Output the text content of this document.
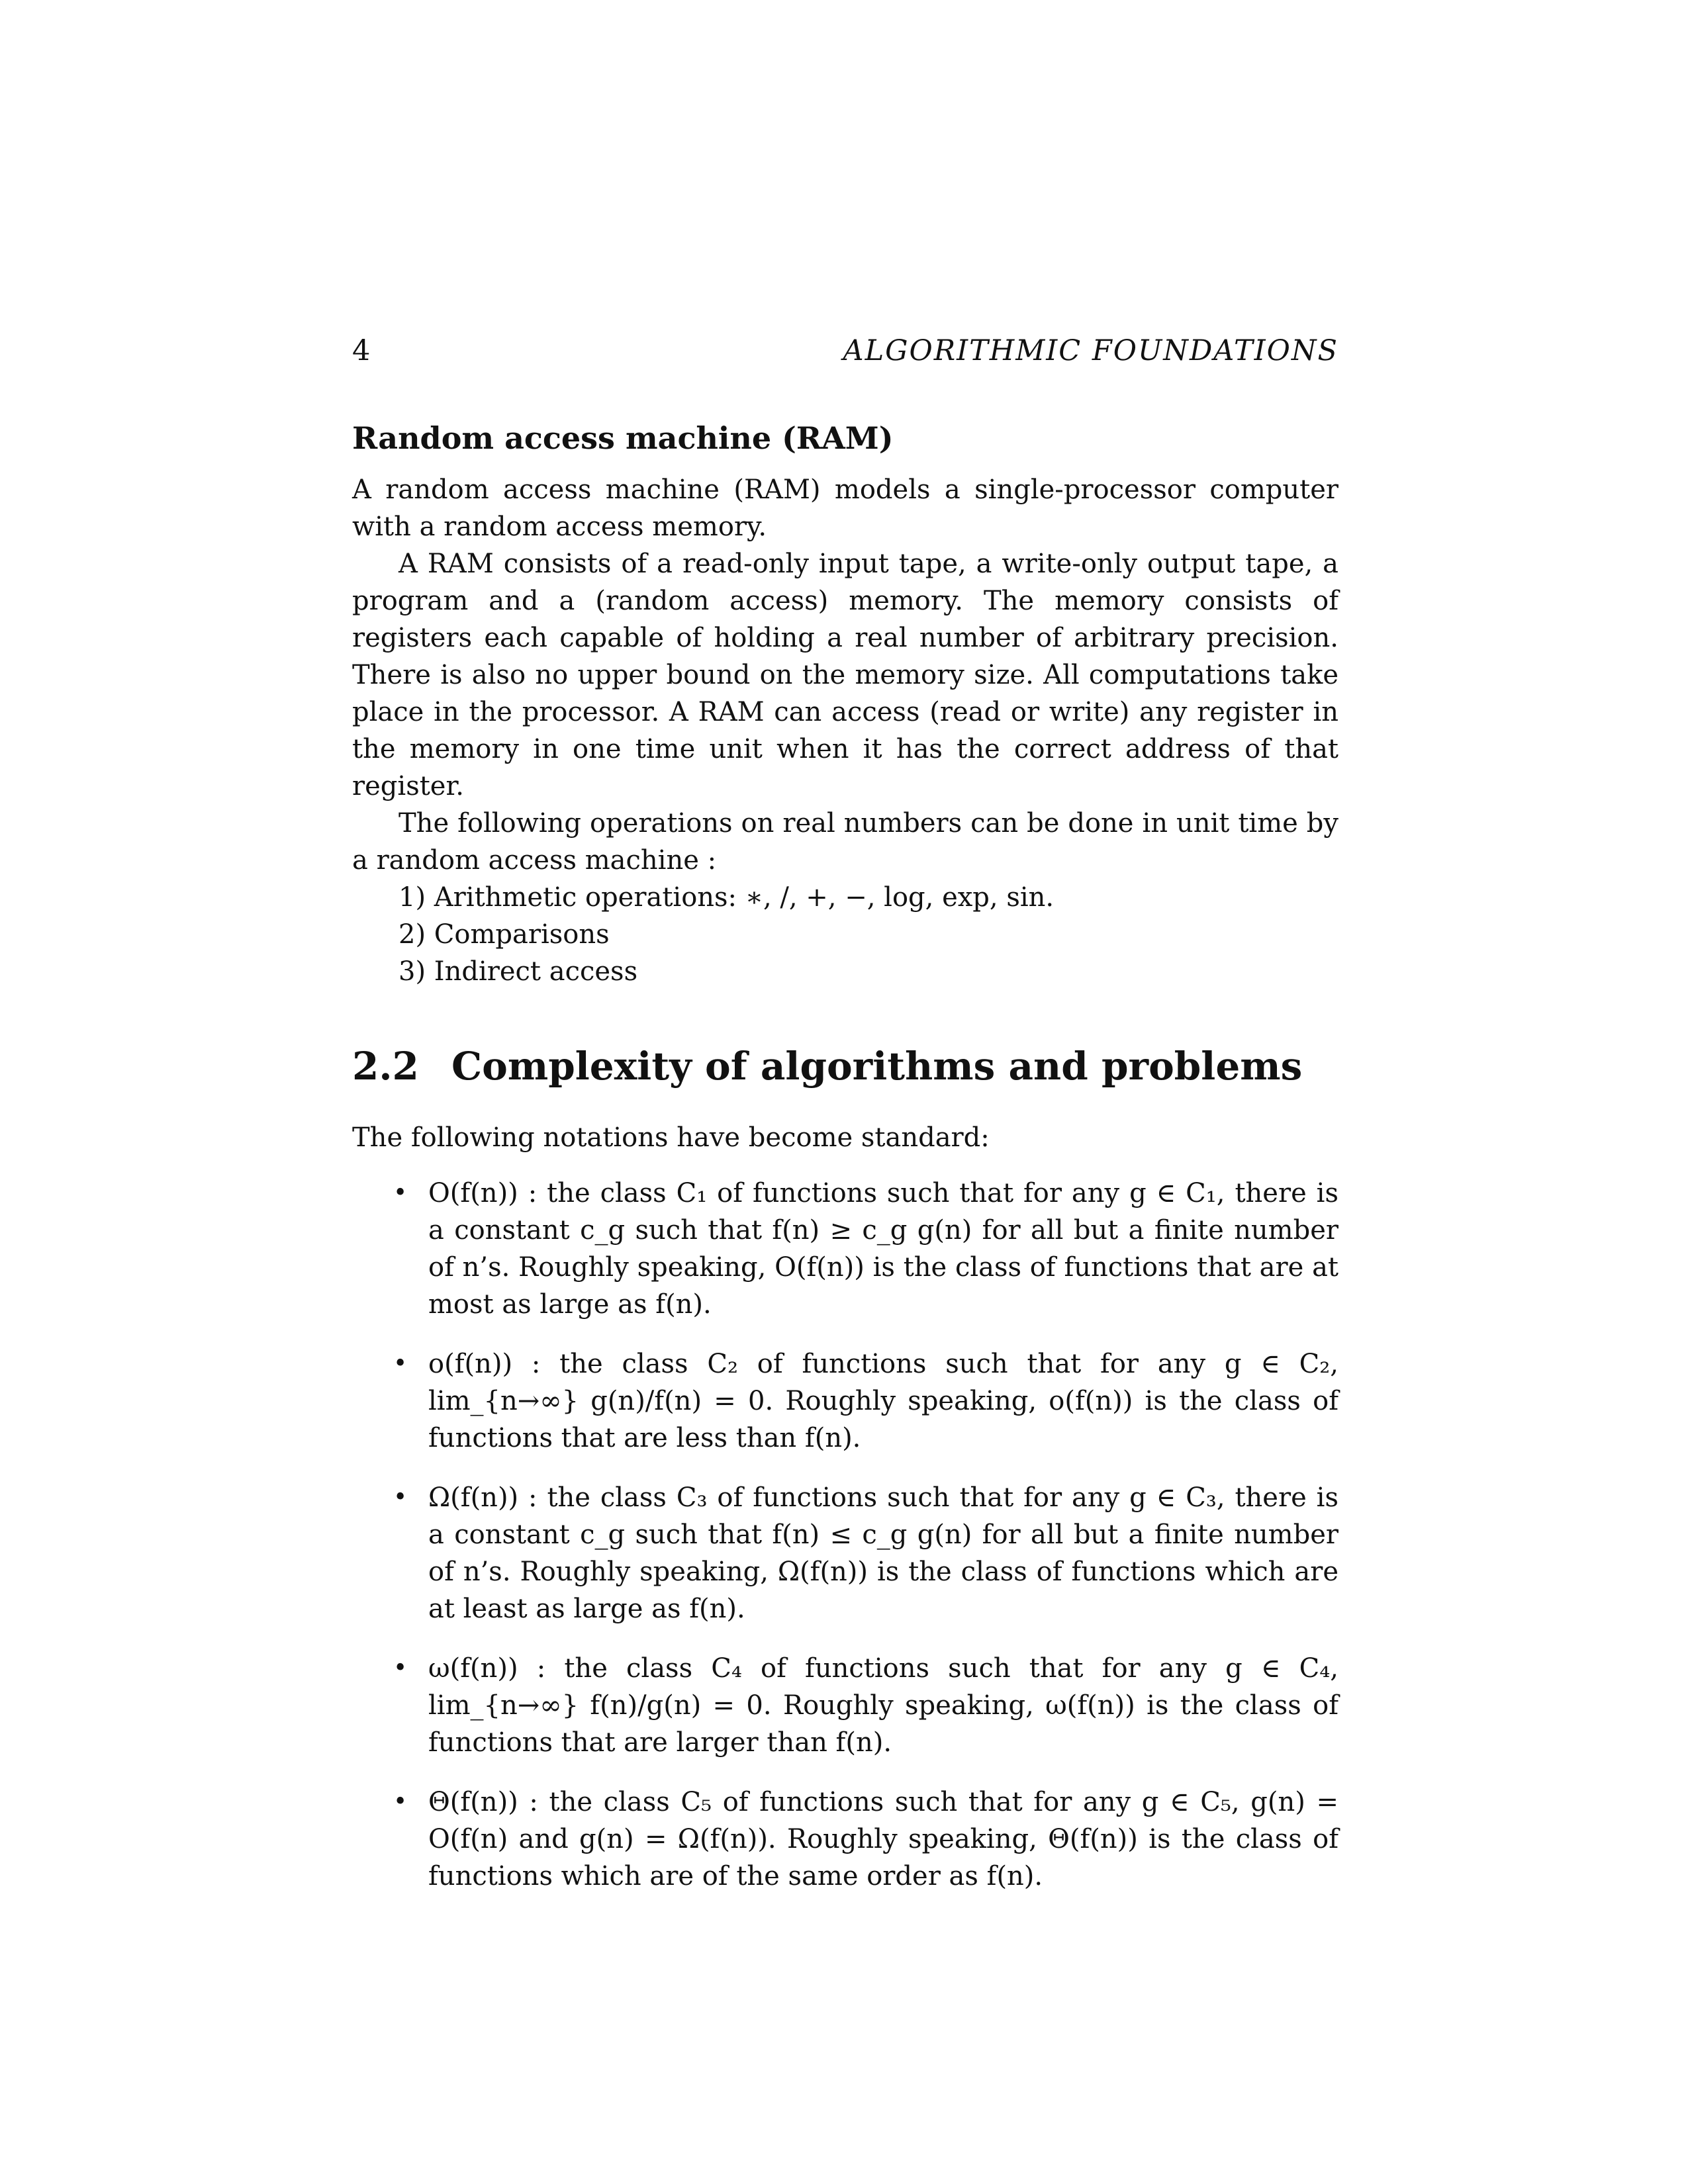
4	ALGORITHMIC FOUNDATIONS
Random access machine (RAM)

A random access machine (RAM) models a single-processor computer with a random access memory.

A RAM consists of a read-only input tape, a write-only output tape, a program and a (random access) memory. The memory consists of registers each capable of holding a real number of arbitrary precision. There is also no upper bound on the memory size. All computations take place in the processor. A RAM can access (read or write) any register in the memory in one time unit when it has the correct address of that register.

The following operations on real numbers can be done in unit time by a random access machine :

1) Arithmetic operations: ∗, /, +, −, log, exp, sin.
2) Comparisons
3) Indirect access
2.2 Complexity of algorithms and problems

The following notations have become standard:

• O(f(n)) : the class C₁ of functions such that for any g ∈ C₁, there is a constant c_g such that f(n) ≥ c_g g(n) for all but a finite number of n’s. Roughly speaking, O(f(n)) is the class of functions that are at most as large as f(n).
• o(f(n)) : the class C₂ of functions such that for any g ∈ C₂, lim_{n→∞} g(n)/f(n) = 0. Roughly speaking, o(f(n)) is the class of functions that are less than f(n).
• Ω(f(n)) : the class C₃ of functions such that for any g ∈ C₃, there is a constant c_g such that f(n) ≤ c_g g(n) for all but a finite number of n’s. Roughly speaking, Ω(f(n)) is the class of functions which are at least as large as f(n).
• ω(f(n)) : the class C₄ of functions such that for any g ∈ C₄, lim_{n→∞} f(n)/g(n) = 0. Roughly speaking, ω(f(n)) is the class of functions that are larger than f(n).
• Θ(f(n)) : the class C₅ of functions such that for any g ∈ C₅, g(n) = O(f(n) and g(n) = Ω(f(n)). Roughly speaking, Θ(f(n)) is the class of functions which are of the same order as f(n).
